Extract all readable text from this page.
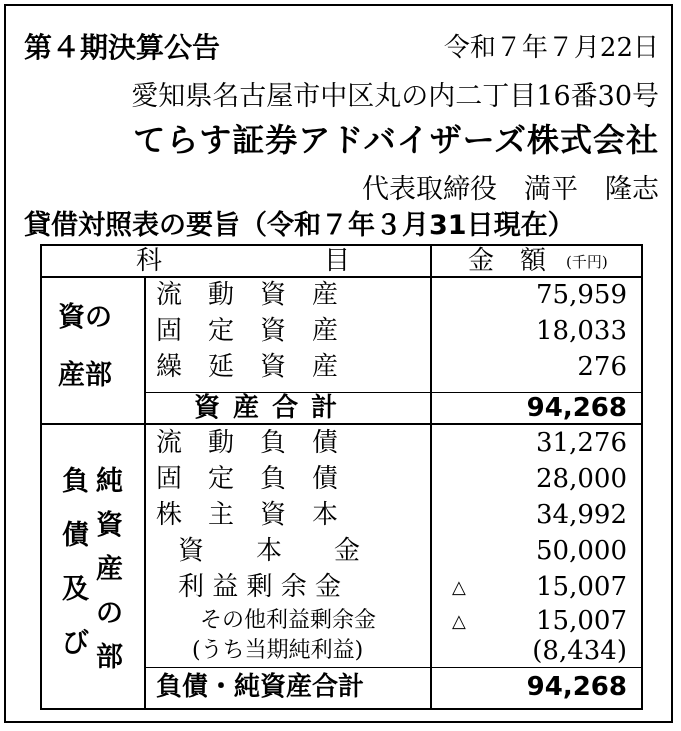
第４期決算公告	令和７年７月22日
愛知県名古屋市中区丸の内二丁目16番30号
てらす証券アドバイザーズ株式会社
代表取締役　満平　隆志
貸借対照表の要旨（令和７年３月31日現在）
科	目	金　額 (千円)
資の
産部
流　動　資　産	75,959
固　定　資　産	18,033
繰　延　資　産	276
資 産 合 計	94,268
負
債
及
び
純
資
産
の
部
流　動　負　債	31,276
固　定　負　債	28,000
株　主　資　本	34,992
資　　本　　金	50,000
利 益 剰 余 金	△	15,007
その他利益剰余金	△	15,007
(うち当期純利益)	(8,434)
負債・純資産合計	94,268
